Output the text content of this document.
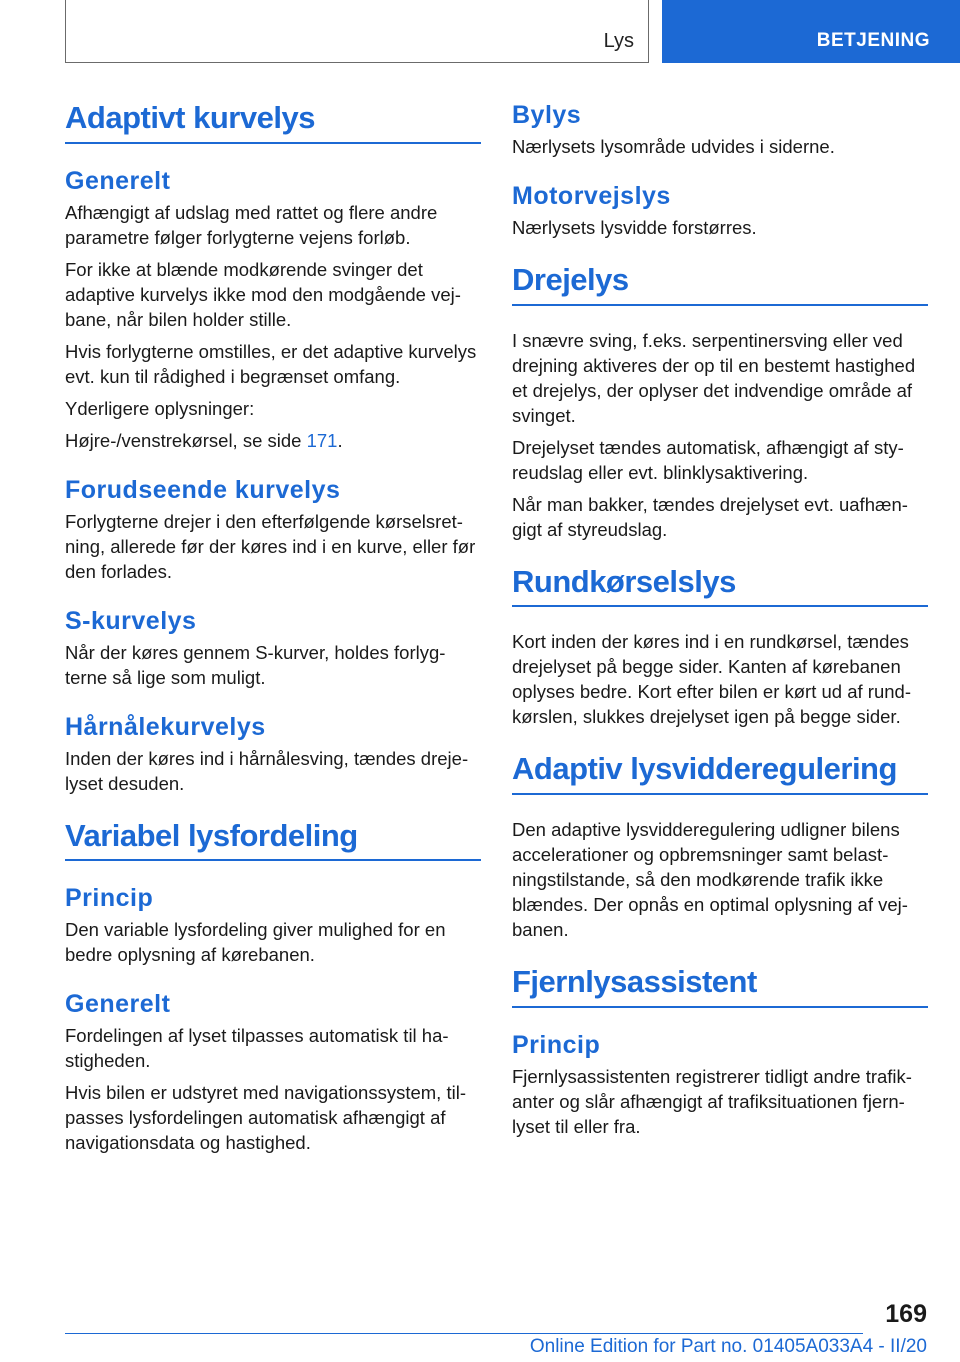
Lys	BETJENING
Adaptivt kurvelys
Generelt

Afhængigt af udslag med rattet og flere andre parametre følger forlygterne vejens forløb.

For ikke at blænde modkørende svinger det adaptive kurvelys ikke mod den modgående vejbane, når bilen holder stille.

Hvis forlygterne omstilles, er det adaptive kurvelys evt. kun til rådighed i begrænset omfang.

Yderligere oplysninger:

Højre-/venstrekørsel, se side 171.

Forudseende kurvelys

Forlygterne drejer i den efterfølgende kørselsretning, allerede før der køres ind i en kurve, eller før den forlades.

S-kurvelys

Når der køres gennem S-kurver, holdes forlygterne så lige som muligt.

Hårnålekurvelys

Inden der køres ind i hårnålesving, tændes drejelyset desuden.

Variabel lysfordeling
Princip

Den variable lysfordeling giver mulighed for en bedre oplysning af kørebanen.

Generelt

Fordelingen af lyset tilpasses automatisk til hastigheden.

Hvis bilen er udstyret med navigationssystem, tilpasses lysfordelingen automatisk afhængigt af navigationsdata og hastighed.

Bylys

Nærlysets lysområde udvides i siderne.

Motorvejslys

Nærlysets lysvidde forstørres.

Drejelys

I snævre sving, f.eks. serpentinersving eller ved drejning aktiveres der op til en bestemt hastighed et drejelys, der oplyser det indvendige område af svinget.

Drejelyset tændes automatisk, afhængigt af styreudslag eller evt. blinklysaktivering.

Når man bakker, tændes drejelyset evt. uafhængigt af styreudslag.

Rundkørselslys

Kort inden der køres ind i en rundkørsel, tændes drejelyset på begge sider. Kanten af kørebanen oplyses bedre. Kort efter bilen er kørt ud af rundkørslen, slukkes drejelyset igen på begge sider.

Adaptiv lysvidderegulering

Den adaptive lysvidderegulering udligner bilens accelerationer og opbremsninger samt belastningstilstande, så den modkørende trafik ikke blændes. Der opnås en optimal oplysning af vejbanen.

Fjernlysassistent
Princip

Fjernlysassistenten registrerer tidligt andre trafikanter og slår afhængigt af trafiksituationen fjernlyset til eller fra.

169
Online Edition for Part no. 01405A033A4 - II/20
